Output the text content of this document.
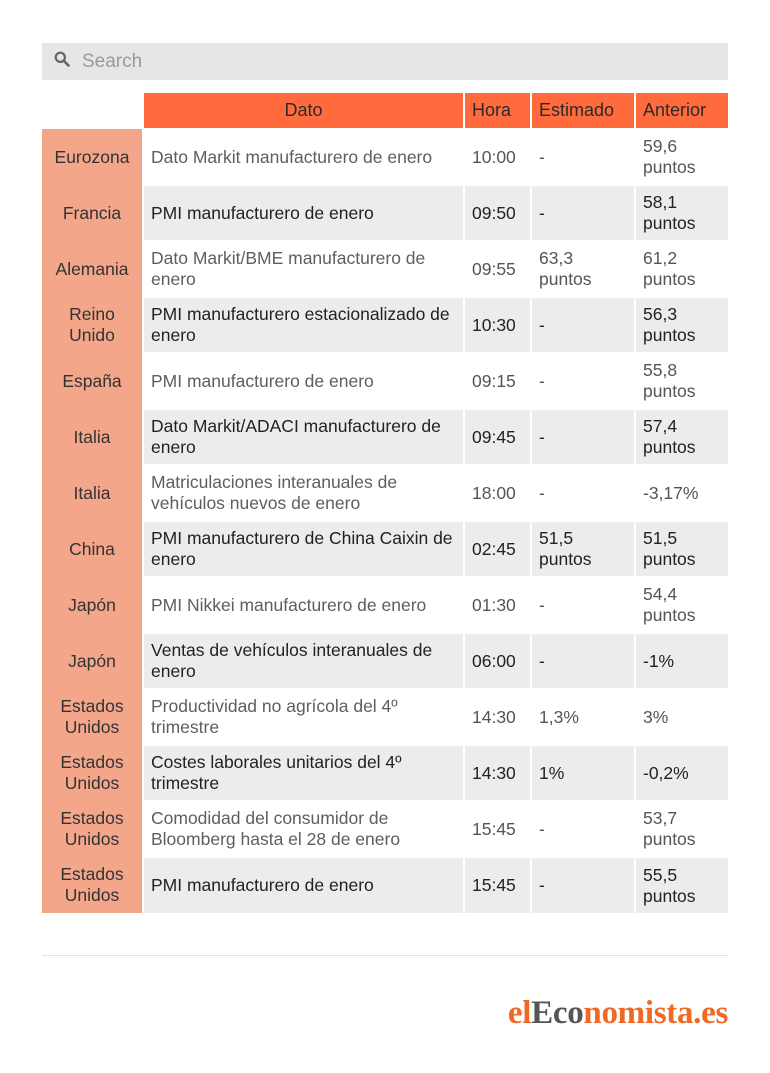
Search
	Dato	Hora	Estimado	Anterior
Eurozona	Dato Markit manufacturero de enero	10:00	-	59,6 puntos
Francia	PMI manufacturero de enero	09:50	-	58,1 puntos
Alemania	Dato Markit/BME manufacturero de enero	09:55	63,3 puntos	61,2 puntos
Reino Unido	PMI manufacturero estacionalizado de enero	10:30	-	56,3 puntos
España	PMI manufacturero de enero	09:15	-	55,8 puntos
Italia	Dato Markit/ADACI manufacturero de enero	09:45	-	57,4 puntos
Italia	Matriculaciones interanuales de vehículos nuevos de enero	18:00	-	-3,17%
China	PMI manufacturero de China Caixin de enero	02:45	51,5 puntos	51,5 puntos
Japón	PMI Nikkei manufacturero de enero	01:30	-	54,4 puntos
Japón	Ventas de vehículos interanuales de enero	06:00	-	-1%
Estados Unidos	Productividad no agrícola del 4º trimestre	14:30	1,3%	3%
Estados Unidos	Costes laborales unitarios del 4º trimestre	14:30	1%	-0,2%
Estados Unidos	Comodidad del consumidor de Bloomberg hasta el 28 de enero	15:45	-	53,7 puntos
Estados Unidos	PMI manufacturero de enero	15:45	-	55,5 puntos
elEconomista.es
